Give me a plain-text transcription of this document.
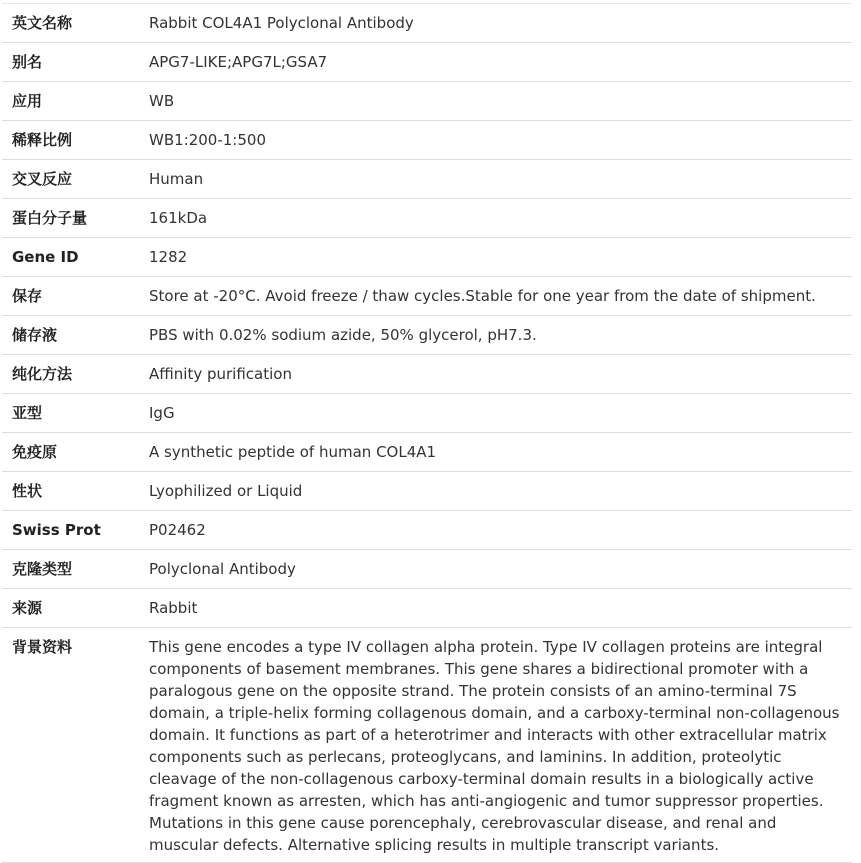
英文名称	Rabbit COL4A1 Polyclonal Antibody
别名	APG7-LIKE;APG7L;GSA7
应用	WB
稀释比例	WB1:200-1:500
交叉反应	Human
蛋白分子量	161kDa
Gene ID	1282
保存	Store at -20°C. Avoid freeze / thaw cycles.Stable for one year from the date of shipment.
储存液	PBS with 0.02% sodium azide, 50% glycerol, pH7.3.
纯化方法	Affinity purification
亚型	IgG
免疫原	A synthetic peptide of human COL4A1
性状	Lyophilized or Liquid
Swiss Prot	P02462
克隆类型	Polyclonal Antibody
来源	Rabbit
背景资料	This gene encodes a type IV collagen alpha protein. Type IV collagen proteins are integral components of basement membranes. This gene shares a bidirectional promoter with a paralogous gene on the opposite strand. The protein consists of an amino-terminal 7S domain, a triple-helix forming collagenous domain, and a carboxy-terminal non-collagenous domain. It functions as part of a heterotrimer and interacts with other extracellular matrix components such as perlecans, proteoglycans, and laminins. In addition, proteolytic cleavage of the non-collagenous carboxy-terminal domain results in a biologically active fragment known as arresten, which has anti-angiogenic and tumor suppressor properties. Mutations in this gene cause porencephaly, cerebrovascular disease, and renal and muscular defects. Alternative splicing results in multiple transcript variants.
